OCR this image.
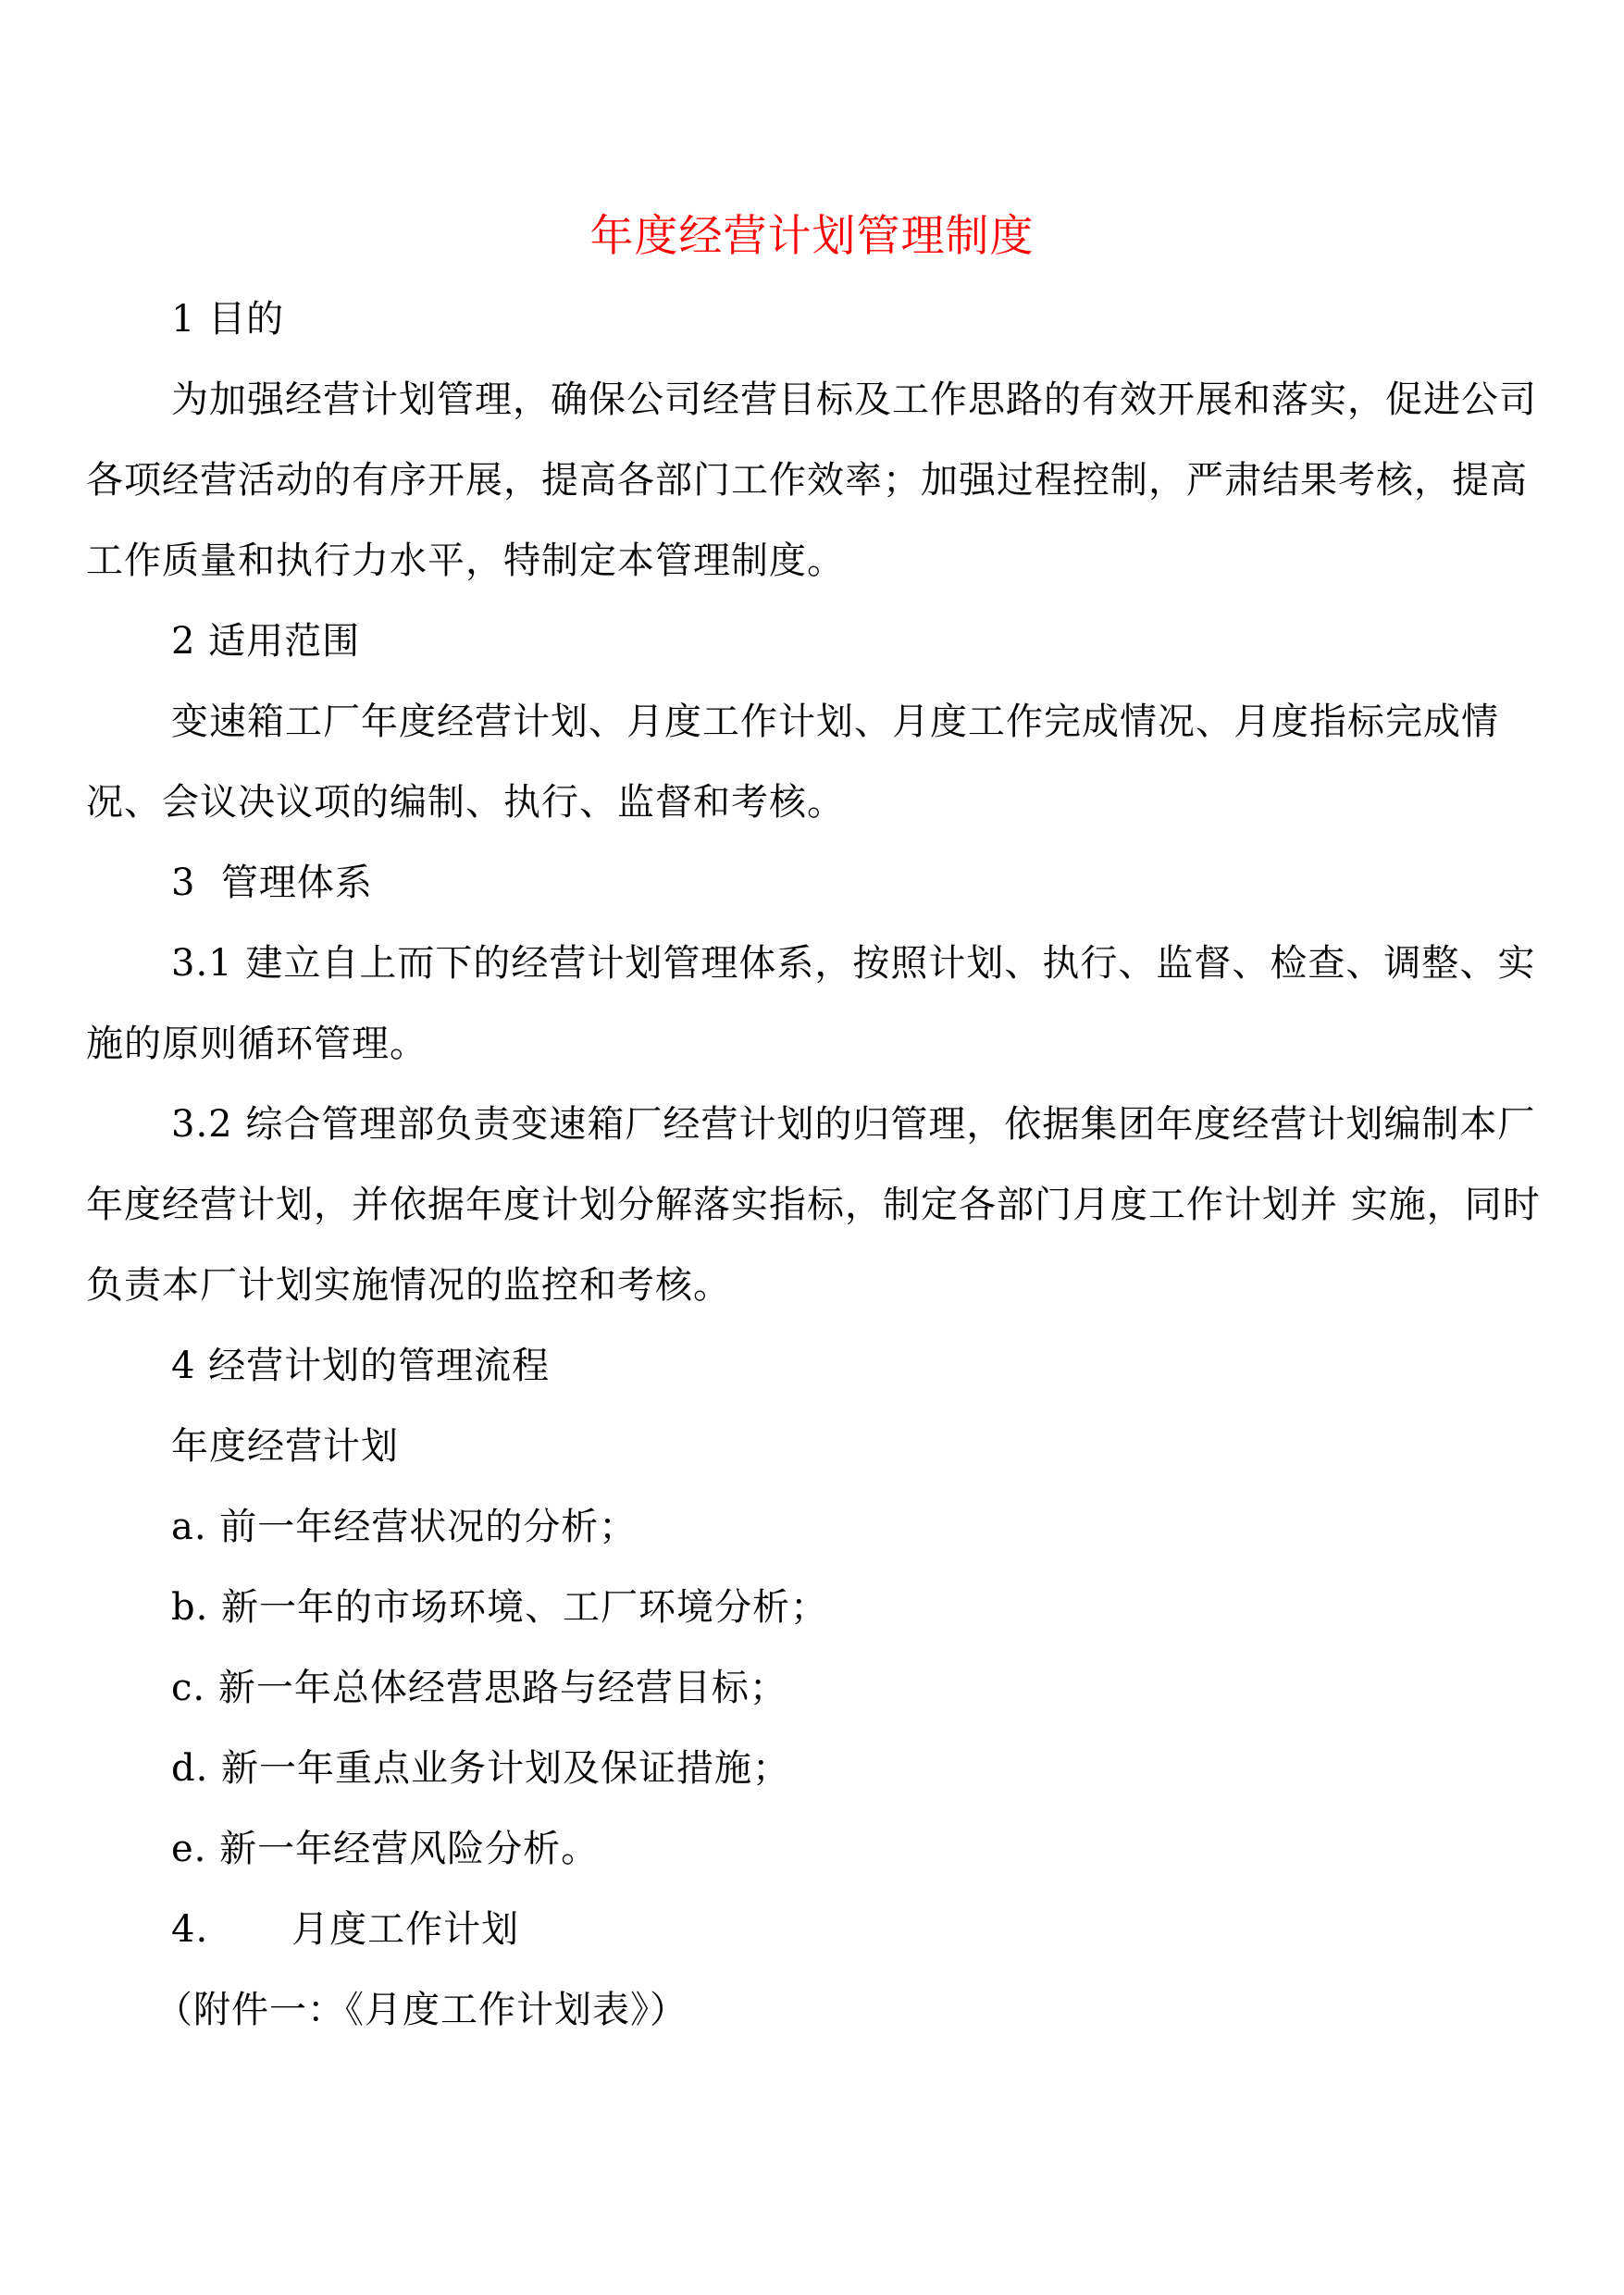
年度经营计划管理制度

1 目的

为加强经营计划管理，确保公司经营目标及工作思路的有效开展和落实，促进公司各项经营活动的有序开展，提高各部门工作效率；加强过程控制，严肃结果考核，提高工作质量和执行力水平，特制定本管理制度。

2 适用范围

变速箱工厂年度经营计划、月度工作计划、月度工作完成情况、月度指标完成情况、会议决议项的编制、执行、监督和考核。

3  管理体系

3.1 建立自上而下的经营计划管理体系，按照计划、执行、监督、检查、调整、实施的原则循环管理。

3.2 综合管理部负责变速箱厂经营计划的归管理，依据集团年度经营计划编制本厂年度经营计划，并依据年度计划分解落实指标，制定各部门月度工作计划并 实施，同时负责本厂计划实施情况的监控和考核。

4 经营计划的管理流程

年度经营计划

a. 前一年经营状况的分析；

b. 新一年的市场环境、工厂环境分析；

c. 新一年总体经营思路与经营目标；

d. 新一年重点业务计划及保证措施；

e. 新一年经营风险分析。

4. 月度工作计划

（附件一：《月度工作计划表》）
